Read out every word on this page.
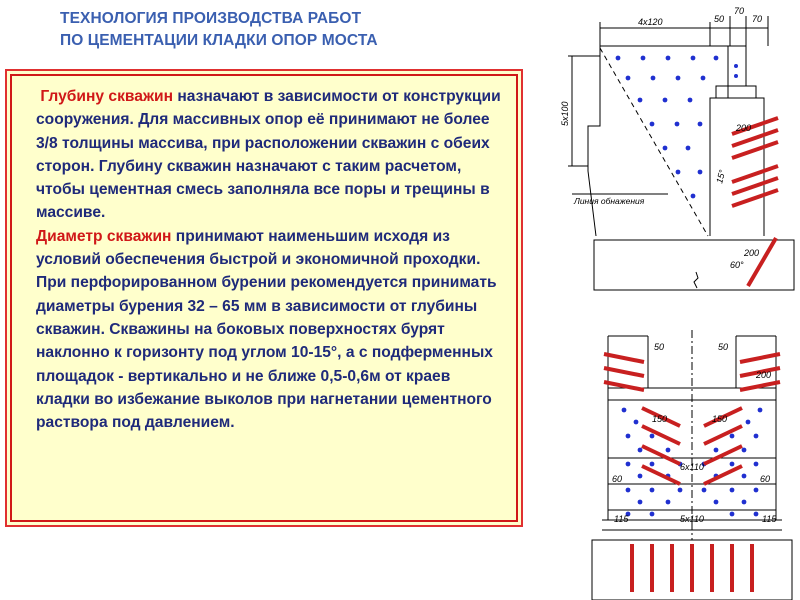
ТЕХНОЛОГИЯ ПРОИЗВОДСТВА РАБОТ
ПО ЦЕМЕНТАЦИИ КЛАДКИ ОПОР МОСТА

Глубину скважин назначают в зависимости от конструкции сооружения. Для массивных опор её принимают не более 3/8 толщины массива, при расположении скважин с обеих сторон. Глубину скважин назначают с таким расчетом, чтобы цементная смесь заполняла все поры и трещины в массиве.

Диаметр скважин принимают наименьшим исходя из условий обеспечения быстрой и экономичной проходки. При перфорированном бурении рекомендуется принимать диаметры бурения 32 – 65 мм в зависимости от глубины скважин. Скважины на боковых поверхностях бурят наклонно к горизонту под углом 10-15°, а с подферменных площадок - вертикально и не ближе 0,5-0,6м от краев кладки во избежание выколов при нагнетании цементного раствора под давлением.

4x120	50
70
70
5x100
200
15°
200
60°
Линия обнажения
50	50
200
150	150
6x110
60	60
115	115
5x110
